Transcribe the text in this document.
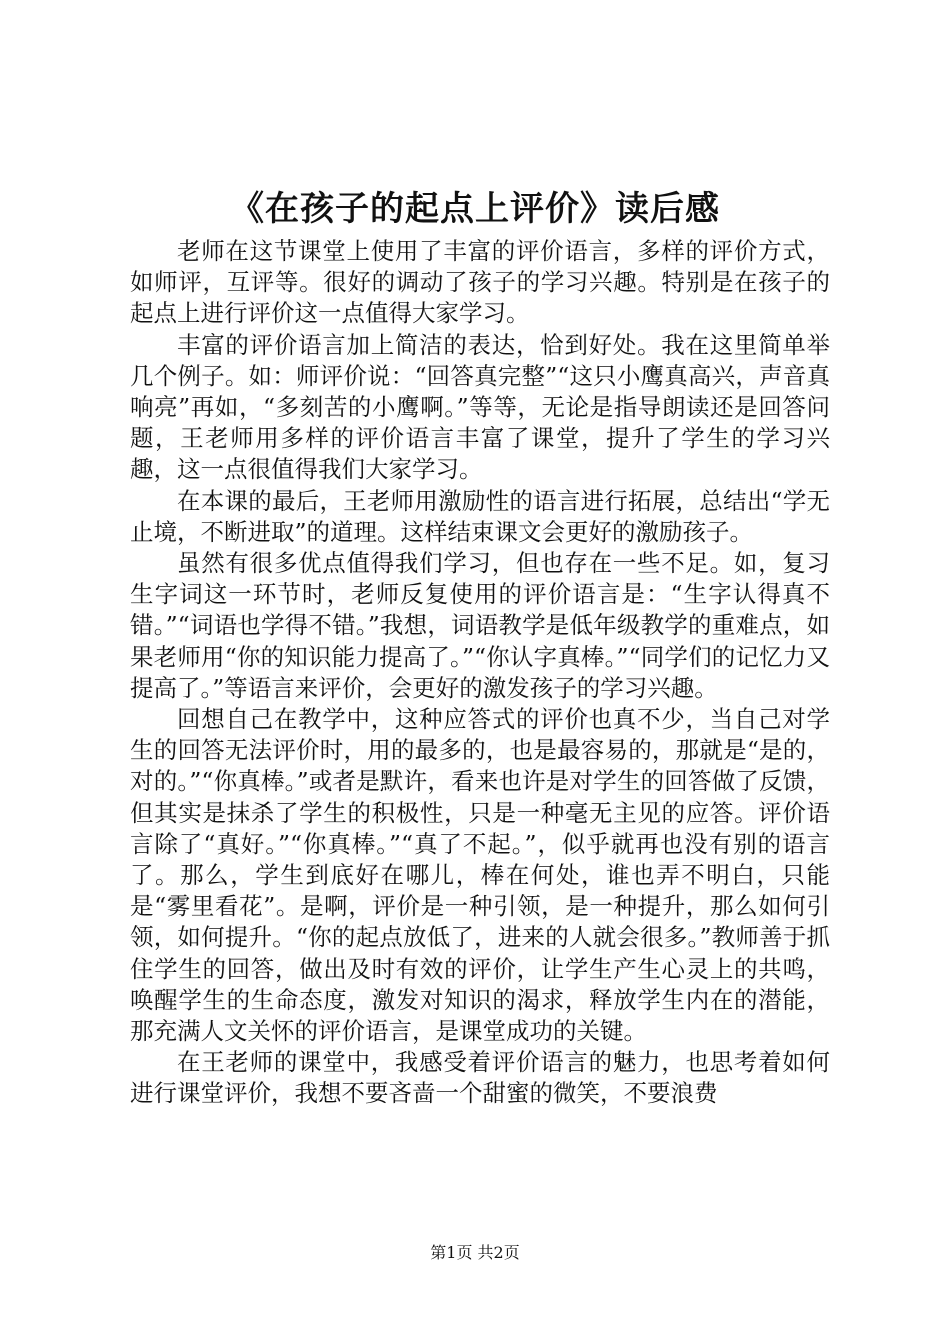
《在孩子的起点上评价》读后感

老师在这节课堂上使用了丰富的评价语言，多样的评价方式，如师评，互评等。很好的调动了孩子的学习兴趣。特别是在孩子的起点上进行评价这一点值得大家学习。

丰富的评价语言加上简洁的表达，恰到好处。我在这里简单举几个例子。如：师评价说：“回答真完整”“这只小鹰真高兴，声音真响亮”再如，“多刻苦的小鹰啊。”等等，无论是指导朗读还是回答问题，王老师用多样的评价语言丰富了课堂，提升了学生的学习兴趣，这一点很值得我们大家学习。

在本课的最后，王老师用激励性的语言进行拓展，总结出“学无止境，不断进取”的道理。这样结束课文会更好的激励孩子。

虽然有很多优点值得我们学习，但也存在一些不足。如，复习生字词这一环节时，老师反复使用的评价语言是：“生字认得真不错。”“词语也学得不错。”我想，词语教学是低年级教学的重难点，如果老师用“你的知识能力提高了。”“你认字真棒。”“同学们的记忆力又提高了。”等语言来评价，会更好的激发孩子的学习兴趣。

回想自己在教学中，这种应答式的评价也真不少，当自己对学生的回答无法评价时，用的最多的，也是最容易的，那就是“是的，对的。”“你真棒。”或者是默许，看来也许是对学生的回答做了反馈，但其实是抹杀了学生的积极性，只是一种毫无主见的应答。评价语言除了“真好。”“你真棒。”“真了不起。”，似乎就再也没有别的语言了。那么，学生到底好在哪儿，棒在何处，谁也弄不明白，只能是“雾里看花”。是啊，评价是一种引领，是一种提升，那么如何引领，如何提升。“你的起点放低了，进来的人就会很多。”教师善于抓住学生的回答，做出及时有效的评价，让学生产生心灵上的共鸣，唤醒学生的生命态度，激发对知识的渴求，释放学生内在的潜能，那充满人文关怀的评价语言，是课堂成功的关键。

在王老师的课堂中，我感受着评价语言的魅力，也思考着如何进行课堂评价，我想不要吝啬一个甜蜜的微笑，不要浪费

第1页 共2页
